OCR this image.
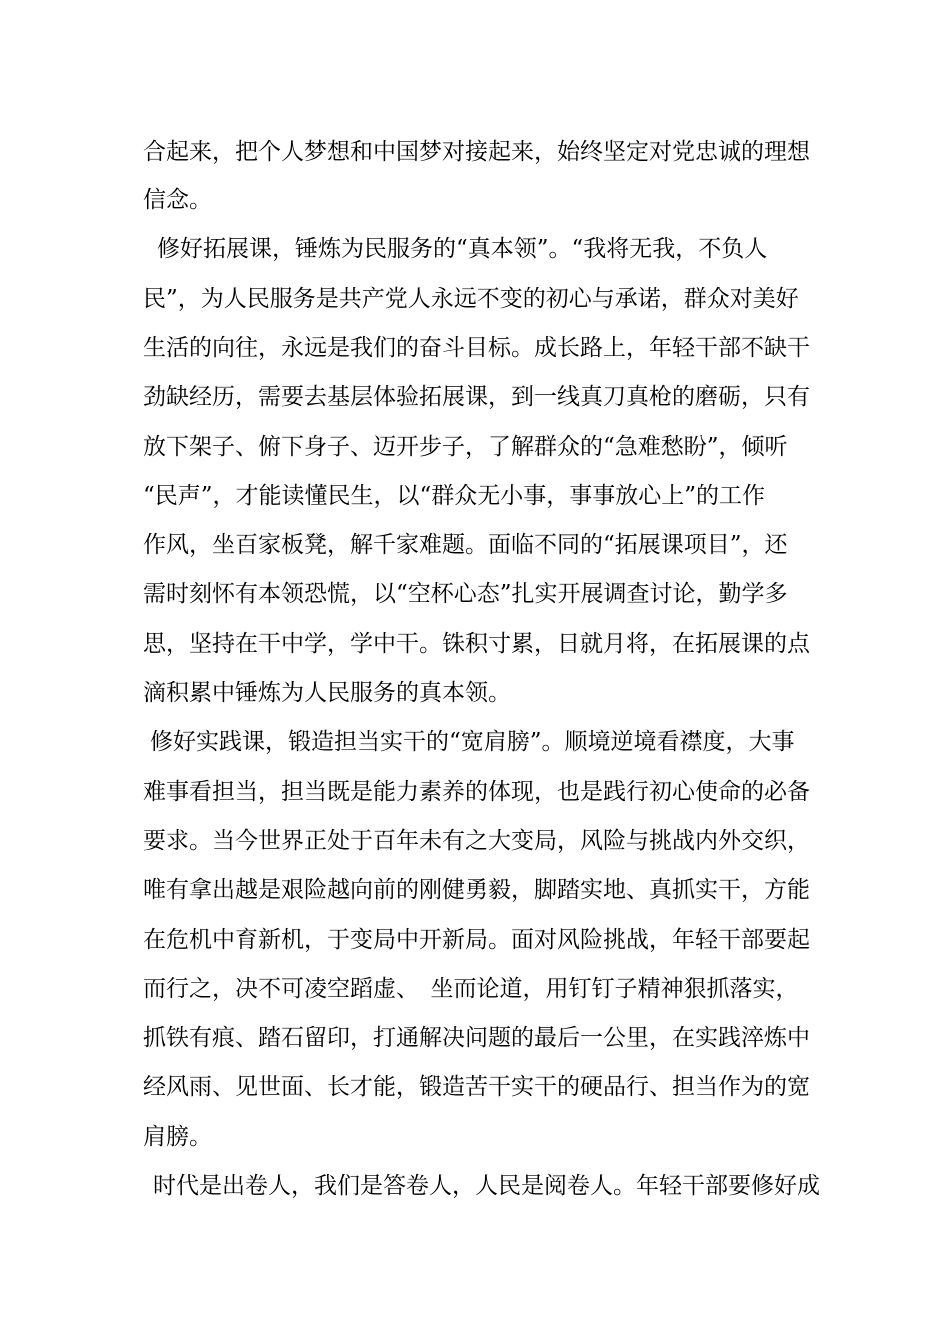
合起来，把个人梦想和中国梦对接起来，始终坚定对党忠诚的理想
信念。
修好拓展课，锤炼为民服务的“真本领”。“我将无我，不负人
民”，为人民服务是共产党人永远不变的初心与承诺，群众对美好
生活的向往，永远是我们的奋斗目标。成长路上，年轻干部不缺干
劲缺经历，需要去基层体验拓展课，到一线真刀真枪的磨砺，只有
放下架子、俯下身子、迈开步子，了解群众的“急难愁盼”，倾听
“民声”，才能读懂民生，以“群众无小事，事事放心上”的工作
作风，坐百家板凳，解千家难题。面临不同的“拓展课项目”，还
需时刻怀有本领恐慌，以“空杯心态”扎实开展调查讨论，勤学多
思，坚持在干中学，学中干。铢积寸累，日就月将，在拓展课的点
滴积累中锤炼为人民服务的真本领。
修好实践课，锻造担当实干的“宽肩膀”。顺境逆境看襟度，大事
难事看担当，担当既是能力素养的体现，也是践行初心使命的必备
要求。当今世界正处于百年未有之大变局，风险与挑战内外交织，
唯有拿出越是艰险越向前的刚健勇毅，脚踏实地、真抓实干，方能
在危机中育新机，于变局中开新局。面对风险挑战，年轻干部要起
而行之，决不可凌空蹈虚、　坐而论道，用钉钉子精神狠抓落实，
抓铁有痕、踏石留印，打通解决问题的最后一公里，在实践淬炼中
经风雨、见世面、长才能，锻造苦干实干的硬品行、担当作为的宽
肩膀。
时代是出卷人，我们是答卷人，人民是阅卷人。年轻干部要修好成
